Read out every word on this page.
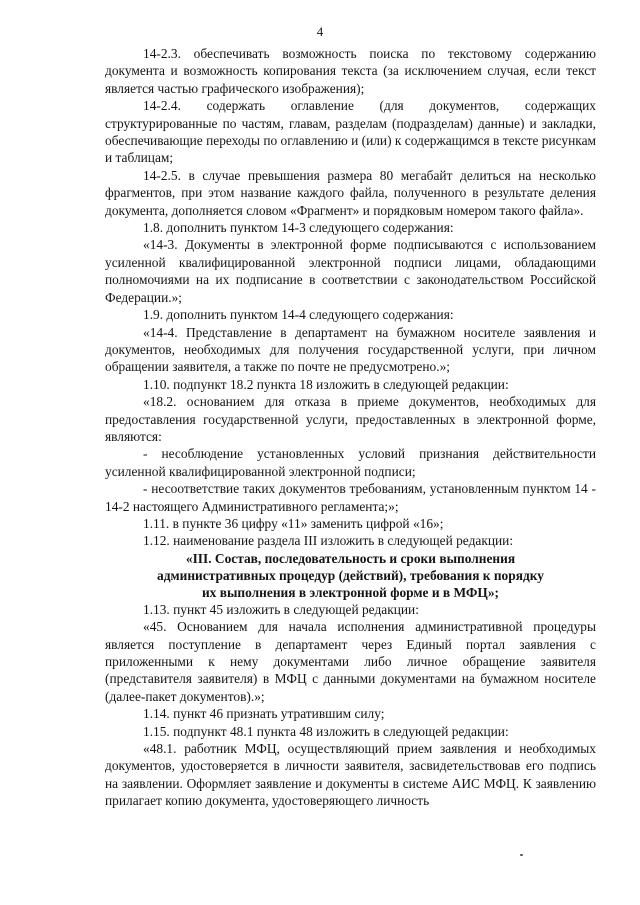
4

14-2.3. обеспечивать возможность поиска по текстовому содержанию документа и возможность копирования текста (за исключением случая, если текст является частью графического изображения);

14-2.4. содержать оглавление (для документов, содержащих структурированные по частям, главам, разделам (подразделам) данные) и закладки, обеспечивающие переходы по оглавлению и (или) к содержащимся в тексте рисункам и таблицам;

14-2.5. в случае превышения размера 80 мегабайт делиться на несколько фрагментов, при этом название каждого файла, полученного в результате деления документа, дополняется словом «Фрагмент» и порядковым номером такого файла».

1.8. дополнить пунктом 14-3 следующего содержания:

«14-3. Документы в электронной форме подписываются с использованием усиленной квалифицированной электронной подписи лицами, обладающими полномочиями на их подписание в соответствии с законодательством Российской Федерации.»;

1.9. дополнить пунктом 14-4 следующего содержания:

«14-4. Представление в департамент на бумажном носителе заявления и документов, необходимых для получения государственной услуги, при личном обращении заявителя, а также по почте не предусмотрено.»;

1.10. подпункт 18.2 пункта 18 изложить в следующей редакции:

«18.2. основанием для отказа в приеме документов, необходимых для предоставления государственной услуги, предоставленных в электронной форме, являются:

- несоблюдение установленных условий признания действительности усиленной квалифицированной электронной подписи;

- несоответствие таких документов требованиям, установленным пунктом 14 - 14-2 настоящего Административного регламента;»;

1.11. в пункте 36 цифру «11» заменить цифрой «16»;

1.12. наименование раздела III изложить в следующей редакции:

«III. Состав, последовательность и сроки выполнения

административных процедур (действий), требования к порядку

их выполнения в электронной форме и в МФЦ»;

1.13. пункт 45 изложить в следующей редакции:

«45. Основанием для начала исполнения административной процедуры является поступление в департамент через Единый портал заявления с приложенными к нему документами либо личное обращение заявителя (представителя заявителя) в МФЦ с данными документами на бумажном носителе (далее-пакет документов).»;

1.14. пункт 46 признать утратившим силу;

1.15. подпункт 48.1 пункта 48 изложить в следующей редакции:

«48.1. работник МФЦ, осуществляющий прием заявления и необходимых документов, удостоверяется в личности заявителя, засвидетельствовав его подпись на заявлении. Оформляет заявление и документы в системе АИС МФЦ. К заявлению прилагает копию документа, удостоверяющего личность
